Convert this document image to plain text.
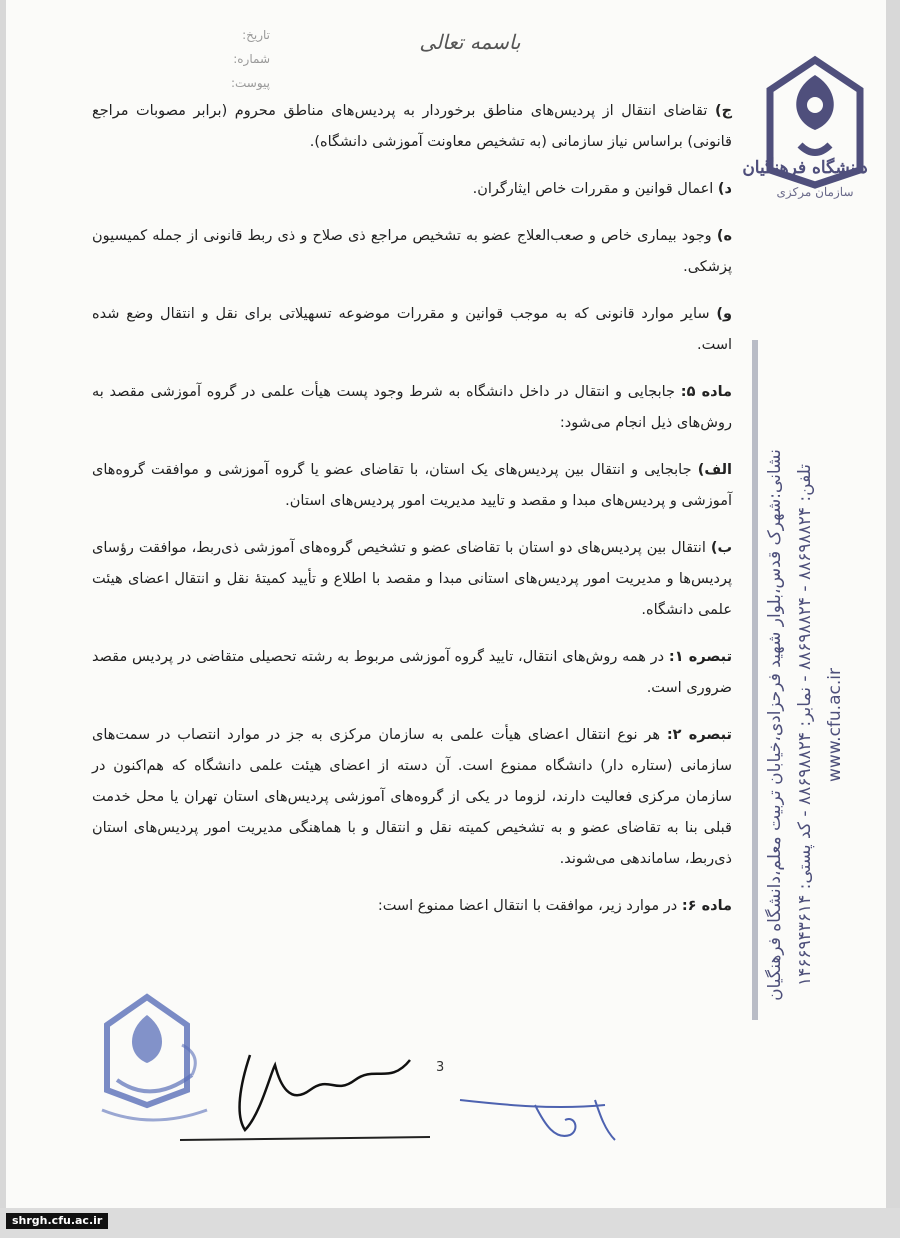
shrgh.cfu.ac.ir
باسمه تعالی
تاریخ:
شماره:
پیوست:
دانشگاه فرهنگیان
سازمان مرکزی
نشانی:شهرک قدس،بلوار شهید فرحزادی،خیابان تربیت معلم،دانشگاه فرهنگیان تلفن: ۸۸۶۹۸۸۲۴ - ۸۸۶۹۸۸۲۴ - نمابر: ۸۸۶۹۸۸۲۴ - کد پستی: ۱۴۶۶۹۴۳۶۱۴
www.cfu.ac.ir

ج) تقاضای انتقال از پردیس‌های مناطق برخوردار به پردیس‌های مناطق محروم (برابر مصوبات مراجع قانونی) براساس نیاز سازمانی (به تشخیص معاونت آموزشی دانشگاه).

د) اعمال قوانین و مقررات خاص ایثارگران.

ه) وجود بیماری خاص و صعب‌العلاج عضو به تشخیص مراجع ذی صلاح و ذی ربط قانونی از جمله کمیسیون پزشکی.

و) سایر موارد قانونی که به موجب قوانین و مقررات موضوعه تسهیلاتی برای نقل و انتقال وضع شده است.

ماده ۵: جابجایی و انتقال در داخل دانشگاه به شرط وجود پست هیأت علمی در گروه آموزشی مقصد به روش‌های ذیل انجام می‌شود:

الف) جابجایی و انتقال بین پردیس‌های یک استان، با تقاضای عضو یا گروه آموزشی و موافقت گروه‌های آموزشی و پردیس‌های مبدا و مقصد و تایید مدیریت امور پردیس‌های استان.

ب) انتقال بین پردیس‌های دو استان با تقاضای عضو و تشخیص گروه‌های آموزشی ذی‌ربط، موافقت رؤسای پردیس‌ها و مدیریت امور پردیس‌های استانی مبدا و مقصد با اطلاع و تأیید کمیتهٔ نقل و انتقال اعضای هیئت علمی دانشگاه.

تبصره ۱: در همه روش‌های انتقال، تایید گروه آموزشی مربوط به رشته تحصیلی متقاضی در پردیس مقصد ضروری است.

تبصره ۲: هر نوع انتقال اعضای هیأت علمی به سازمان مرکزی به جز در موارد انتصاب در سمت‌های سازمانی (ستاره دار) دانشگاه ممنوع است. آن دسته از اعضای هیئت علمی دانشگاه که هم‌اکنون در سازمان مرکزی فعالیت دارند، لزوما در یکی از گروه‌های آموزشی پردیس‌های استان تهران یا محل خدمت قبلی بنا به تقاضای عضو و به تشخیص کمیته نقل و انتقال و با هماهنگی مدیریت امور پردیس‌های استان ذی‌ربط، ساماندهی می‌شوند.

ماده ۶: در موارد زیر، موافقت با انتقال اعضا ممنوع است:

3
